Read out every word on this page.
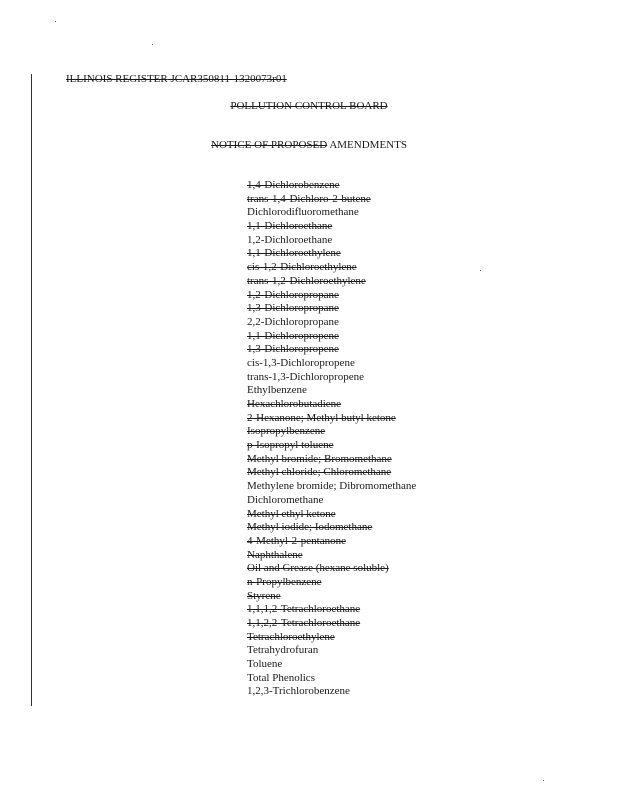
ILLINOIS REGISTER JCAR350811-1320073r01
POLLUTION CONTROL BOARD
NOTICE OF PROPOSED AMENDMENTS
1,4-Dichlorobenzene
trans-1,4-Dichloro-2-butene
Dichlorodifluoromethane
1,1-Dichloroethane
1,2-Dichloroethane
1,1-Dichloroethylene
cis-1,2-Dichloroethylene
trans-1,2-Dichloroethylene
1,2-Dichloropropane
1,3-Dichloropropane
2,2-Dichloropropane
1,1-Dichloropropene
1,3-Dichloropropene
cis-1,3-Dichloropropene
trans-1,3-Dichloropropene
Ethylbenzene
Hexachlorobutadiene
2-Hexanone; Methyl butyl ketone
Isopropylbenzene
p-Isopropyl toluene
Methyl bromide; Bromomethane
Methyl chloride; Chloromethane
Methylene bromide; Dibromomethane
Dichloromethane
Methyl ethyl ketone
Methyl iodide; Iodomethane
4-Methyl-2-pentanone
Naphthalene
Oil and Grease (hexane soluble)
n-Propylbenzene
Styrene
1,1,1,2-Tetrachloroethane
1,1,2,2-Tetrachloroethane
Tetrachloroethylene
Tetrahydrofuran
Toluene
Total Phenolics
1,2,3-Trichlorobenzene
